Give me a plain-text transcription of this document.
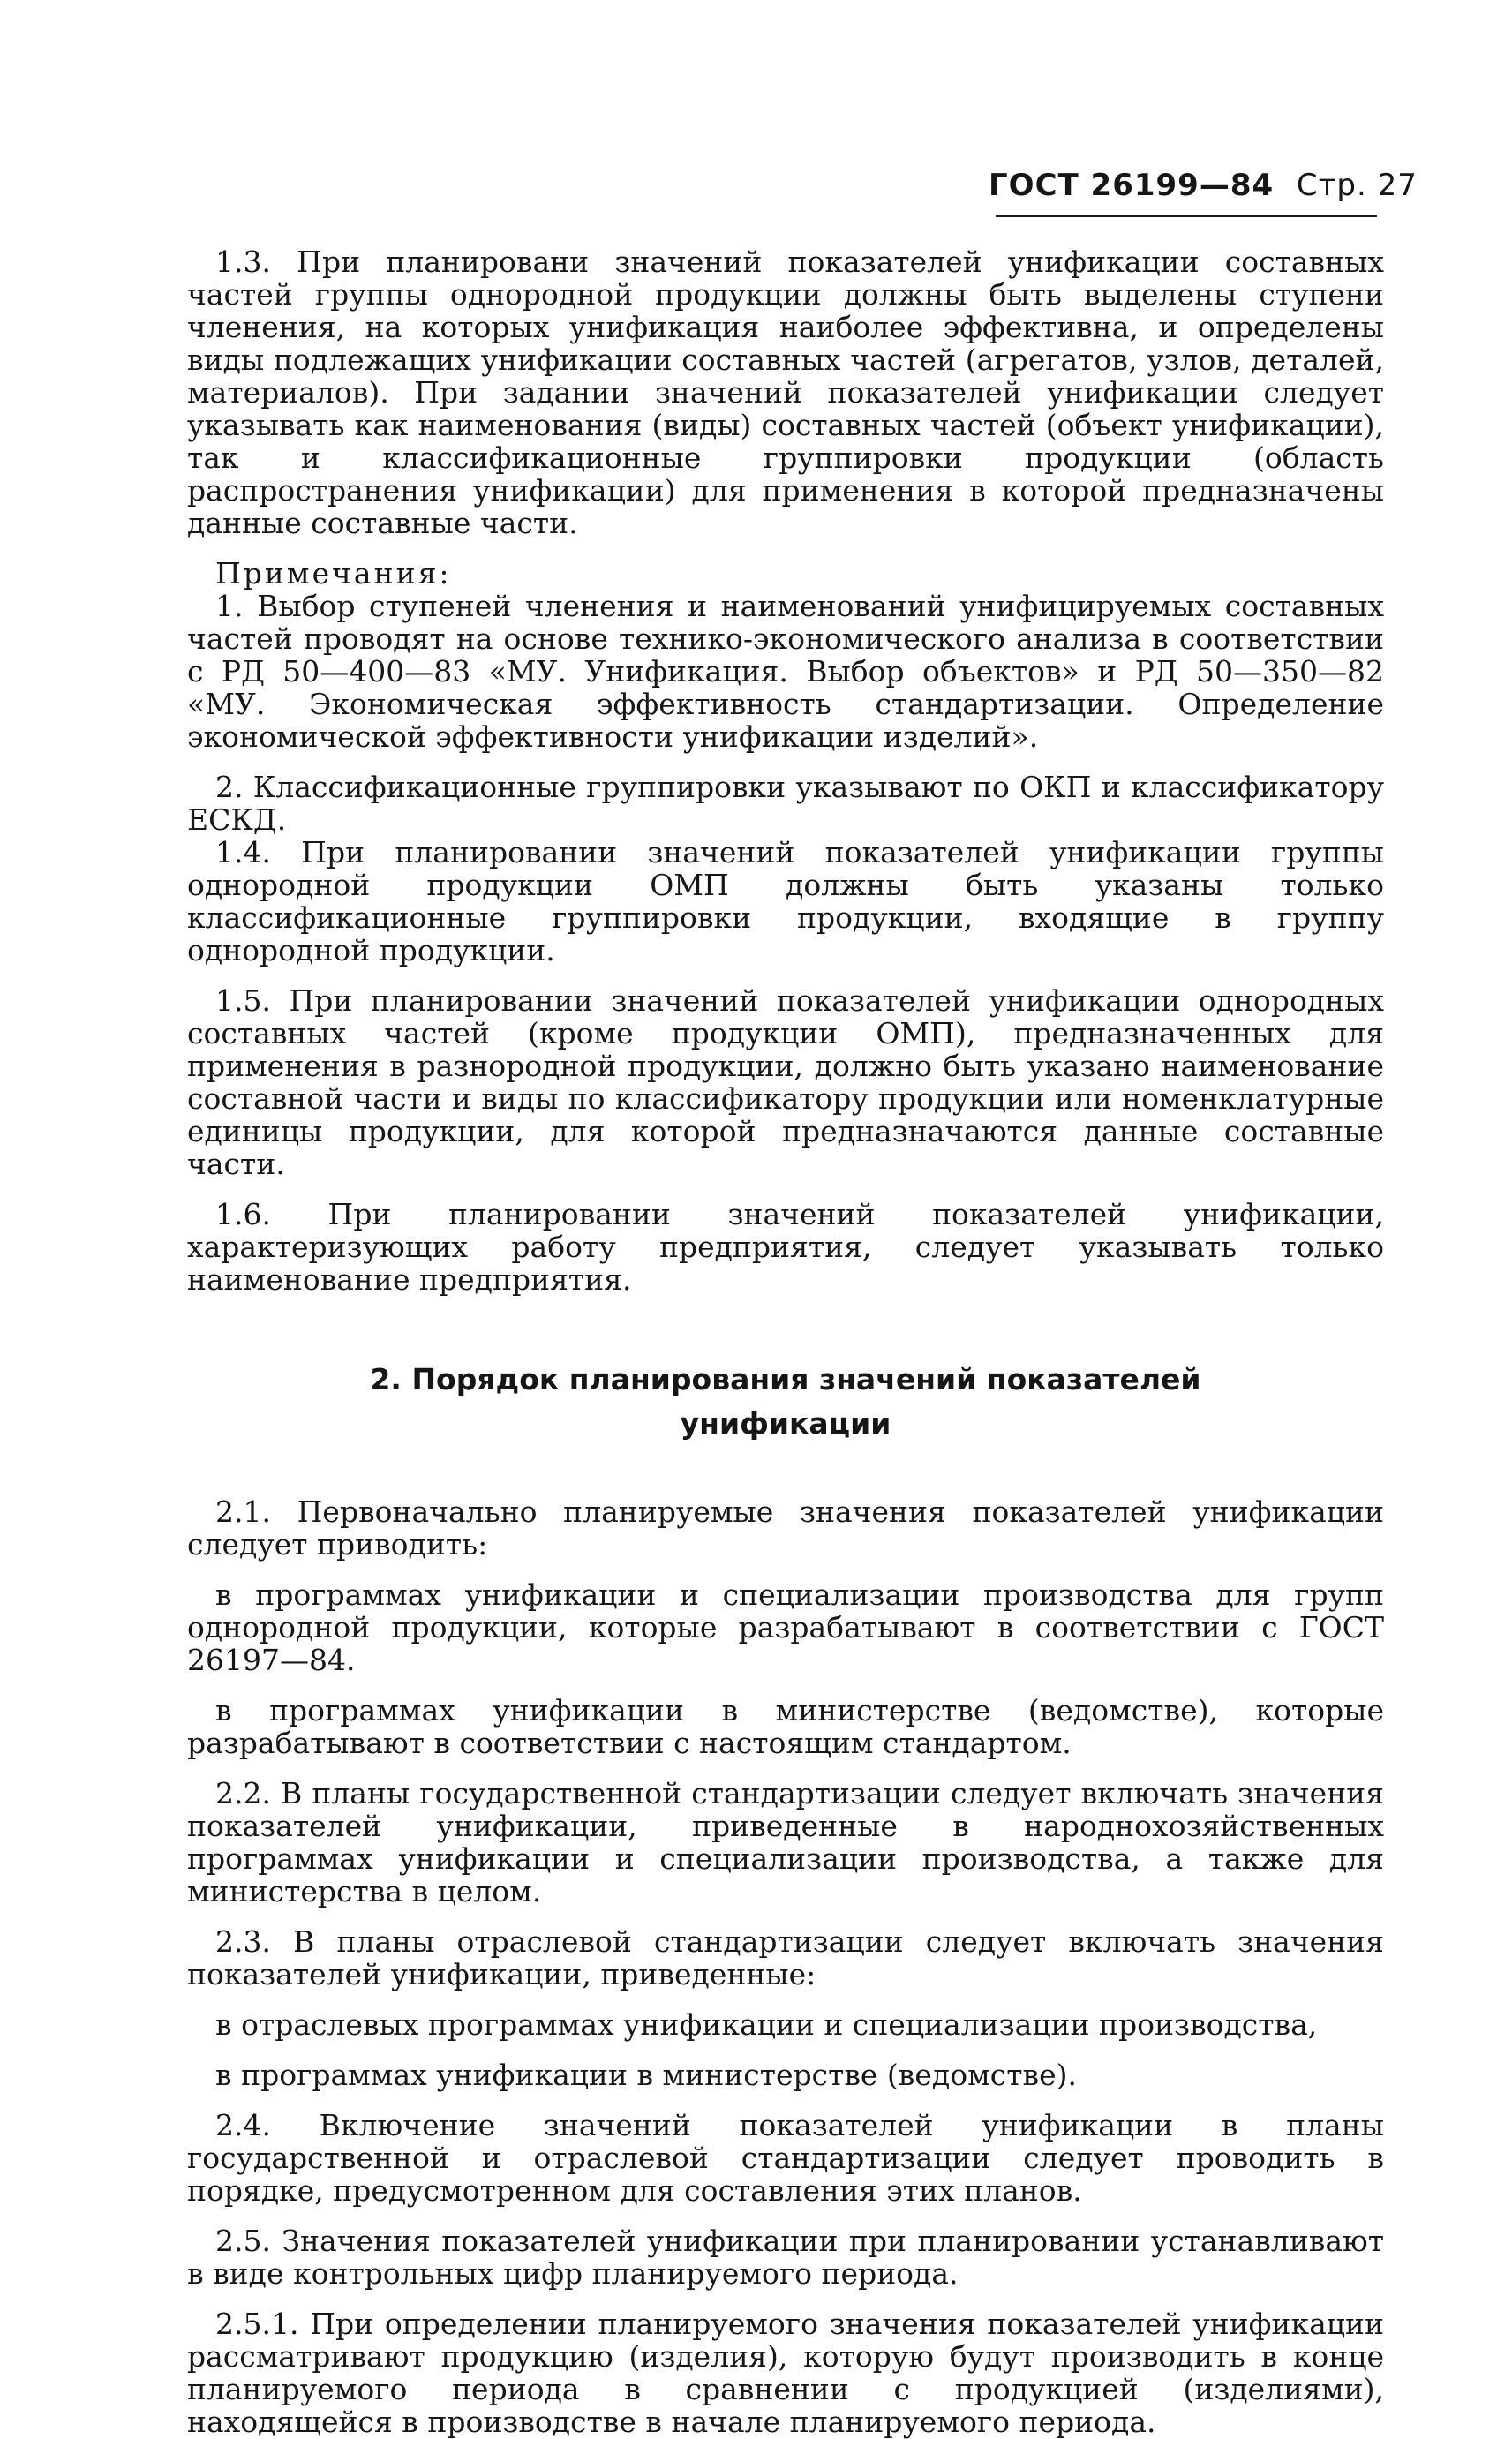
ГОСТ 26199—84 Стр. 27

1.3. При планировани значений показателей унификации составных частей группы однородной продукции должны быть выделены ступени членения, на которых унификация наиболее эффективна, и определены виды подлежащих унификации составных частей (агрегатов, узлов, деталей, материалов). При задании значений показателей унификации следует указывать как наименования (виды) составных частей (объект унификации), так и классификационные группировки продукции (область распространения унификации) для применения в которой предназначены данные составные части.

Примечания:

1. Выбор ступеней членения и наименований унифицируемых составных частей проводят на основе технико-экономического анализа в соответствии с РД 50—400—83 «МУ. Унификация. Выбор объектов» и РД 50—350—82 «МУ. Экономическая эффективность стандартизации. Определение экономической эффективности унификации изделий».

2. Классификационные группировки указывают по ОКП и классификатору ЕСКД.

1.4. При планировании значений показателей унификации группы однородной продукции ОМП должны быть указаны только классификационные группировки продукции, входящие в группу однородной продукции.

1.5. При планировании значений показателей унификации однородных составных частей (кроме продукции ОМП), предназначенных для применения в разнородной продукции, должно быть указано наименование составной части и виды по классификатору продукции или номенклатурные единицы продукции, для которой предназначаются данные составные части.

1.6. При планировании значений показателей унификации, характеризующих работу предприятия, следует указывать только наименование предприятия.

2. Порядок планирования значений показателей
унификации

2.1. Первоначально планируемые значения показателей унификации следует приводить:

в программах унификации и специализации производства для групп однородной продукции, которые разрабатывают в соответствии с ГОСТ 26197—84.

в программах унификации в министерстве (ведомстве), которые разрабатывают в соответствии с настоящим стандартом.

2.2. В планы государственной стандартизации следует включать значения показателей унификации, приведенные в народнохозяйственных программах унификации и специализации производства, а также для министерства в целом.

2.3. В планы отраслевой стандартизации следует включать значения показателей унификации, приведенные:

в отраслевых программах унификации и специализации производства,

в программах унификации в министерстве (ведомстве).

2.4. Включение значений показателей унификации в планы государственной и отраслевой стандартизации следует проводить в порядке, предусмотренном для составления этих планов.

2.5. Значения показателей унификации при планировании устанавливают в виде контрольных цифр планируемого периода.

2.5.1. При определении планируемого значения показателей унификации рассматривают продукцию (изделия), которую будут производить в конце планируемого периода в сравнении с продукцией (изделиями), находящейся в производстве в начале планируемого периода.
